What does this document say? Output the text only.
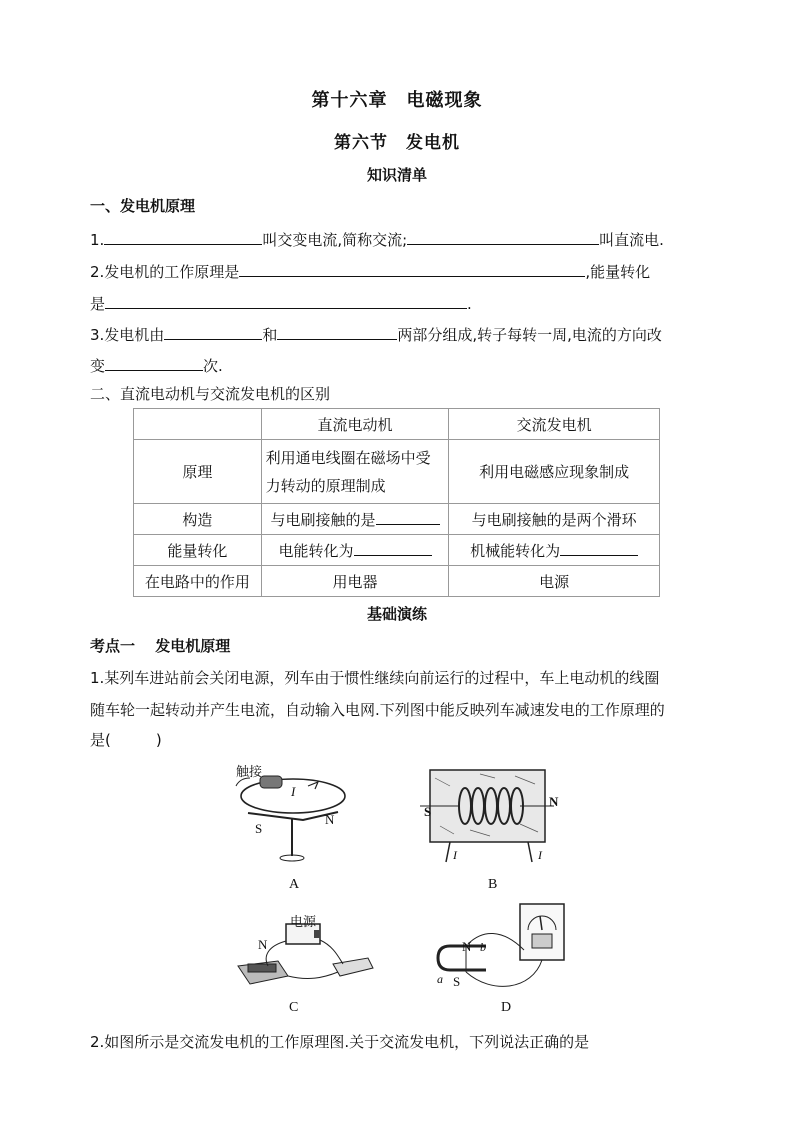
第十六章　电磁现象
第六节　发电机
知识清单
一、发电机原理
1.	叫交变电流,简称交流;	叫直流电.
2.发电机的工作原理是	,能量转化
是	.
3.发电机由	和	两部分组成,转子每转一周,电流的方向改
变	次.
二、直流电动机与交流发电机的区别
	直流电动机	交流发电机
原理	利用通电线圈在磁场中受力转动的原理制成	利用电磁感应现象制成
构造	与电刷接触的是	与电刷接触的是两个滑环
能量转化	电能转化为	机械能转化为
在电路中的作用	用电器	电源
基础演练
考点一　 发电机原理
1.某列车进站前会关闭电源，列车由于惯性继续向前运行的过程中，车上电动机的线圈
随车轮一起转动并产生电流，自动输入电网.下列图中能反映列车减速发电的工作原理的
是(　　　)
触接
I
S
N
A
S
N
I	I
B
电源
N
C
N b
a S
D
2.如图所示是交流发电机的工作原理图.关于交流发电机，下列说法正确的是
